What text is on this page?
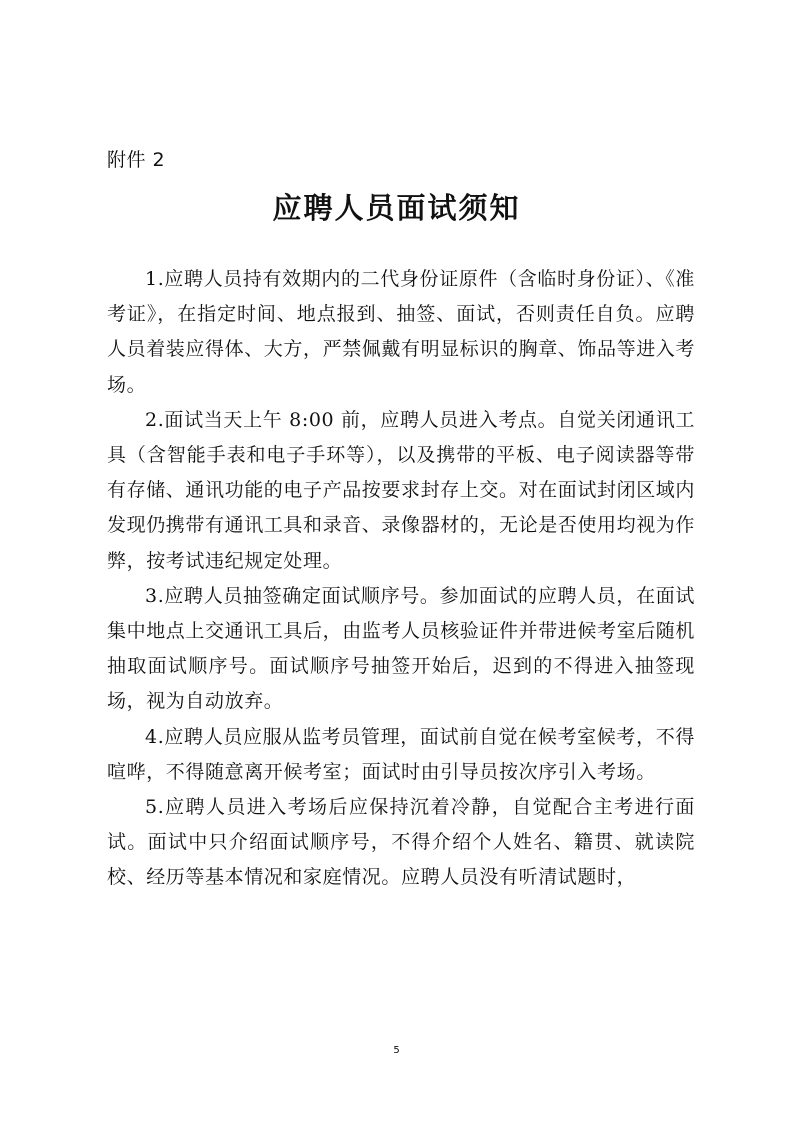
附件 2
应聘人员面试须知

1.应聘人员持有效期内的二代身份证原件（含临时身份证）、《准考证》，在指定时间、地点报到、抽签、面试，否则责任自负。应聘人员着装应得体、大方，严禁佩戴有明显标识的胸章、饰品等进入考场。

2.面试当天上午 8:00 前，应聘人员进入考点。自觉关闭通讯工具（含智能手表和电子手环等），以及携带的平板、电子阅读器等带有存储、通讯功能的电子产品按要求封存上交。对在面试封闭区域内发现仍携带有通讯工具和录音、录像器材的，无论是否使用均视为作弊，按考试违纪规定处理。

3.应聘人员抽签确定面试顺序号。参加面试的应聘人员，在面试集中地点上交通讯工具后，由监考人员核验证件并带进候考室后随机抽取面试顺序号。面试顺序号抽签开始后，迟到的不得进入抽签现场，视为自动放弃。

4.应聘人员应服从监考员管理，面试前自觉在候考室候考，不得喧哗，不得随意离开候考室；面试时由引导员按次序引入考场。

5.应聘人员进入考场后应保持沉着冷静，自觉配合主考进行面试。面试中只介绍面试顺序号，不得介绍个人姓名、籍贯、就读院校、经历等基本情况和家庭情况。应聘人员没有听清试题时，

5
